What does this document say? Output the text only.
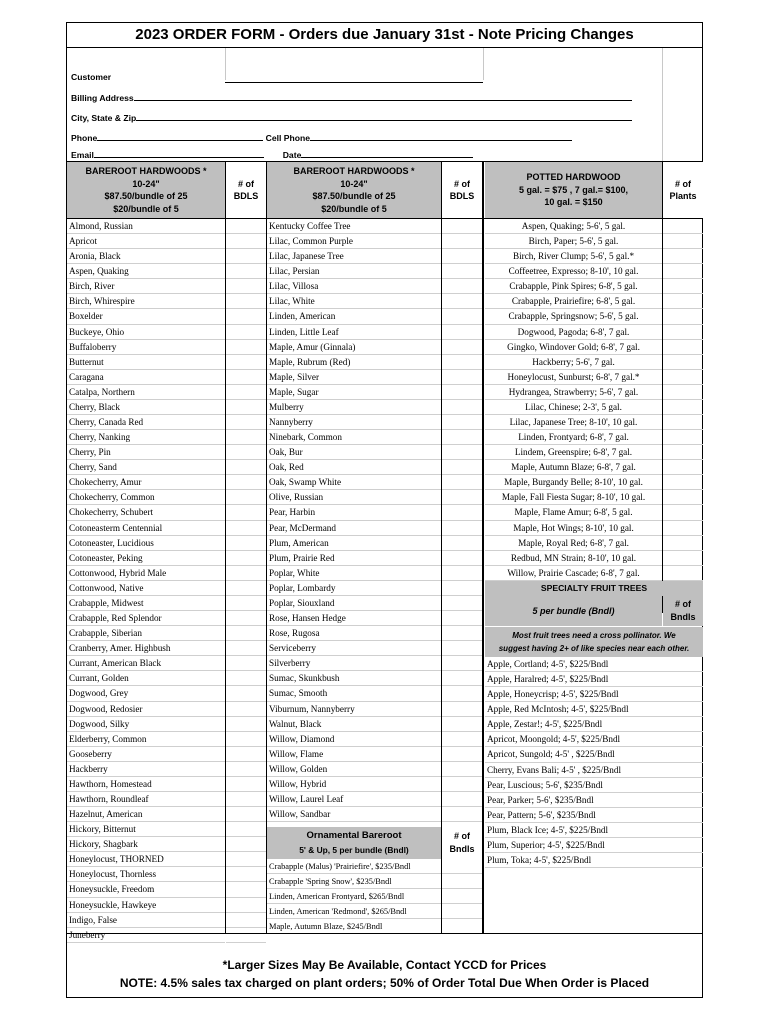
2023 ORDER FORM - Orders due January 31st - Note Pricing Changes
Customer
Billing Address
City, State & Zip
Phone	Cell Phone
Email	Date
BAREROOT HARDWOODS *
10-24"
$87.50/bundle of 25
$20/bundle of 5
# of
BDLS
BAREROOT HARDWOODS *
10-24"
$87.50/bundle of 25
$20/bundle of 5
# of
BDLS
POTTED HARDWOOD
5 gal. = $75 , 7 gal.= $100,
10 gal. = $150
# of
Plants
Almond, Russian
Apricot
Aronia, Black
Aspen, Quaking
Birch, River
Birch, Whirespire
Boxelder
Buckeye, Ohio
Buffaloberry
Butternut
Caragana
Catalpa, Northern
Cherry, Black
Cherry, Canada Red
Cherry, Nanking
Cherry, Pin
Cherry, Sand
Chokecherry, Amur
Chokecherry, Common
Chokecherry, Schubert
Cotoneasterm Centennial
Cotoneaster, Lucidious
Cotoneaster, Peking
Cottonwood, Hybrid Male
Cottonwood, Native
Crabapple, Midwest
Crabapple, Red Splendor
Crabapple, Siberian
Cranberry, Amer. Highbush
Currant, American Black
Currant, Golden
Dogwood, Grey
Dogwood, Redosier
Dogwood, Silky
Elderberry, Common
Gooseberry
Hackberry
Hawthorn, Homestead
Hawthorn, Roundleaf
Hazelnut, American
Hickory, Bitternut
Hickory, Shagbark
Honeylocust, THORNED
Honeylocust, Thornless
Honeysuckle, Freedom
Honeysuckle, Hawkeye
Indigo, False
Juneberry
Kentucky Coffee Tree
Lilac, Common Purple
Lilac, Japanese Tree
Lilac, Persian
Lilac, Villosa
Lilac, White
Linden, American
Linden, Little Leaf
Maple, Amur (Ginnala)
Maple, Rubrum (Red)
Maple, Silver
Maple, Sugar
Mulberry
Nannyberry
Ninebark, Common
Oak, Bur
Oak, Red
Oak, Swamp White
Olive, Russian
Pear, Harbin
Pear, McDermand
Plum, American
Plum, Prairie Red
Poplar, White
Poplar, Lombardy
Poplar, Siouxland
Rose, Hansen Hedge
Rose, Rugosa
Serviceberry
Silverberry
Sumac, Skunkbush
Sumac, Smooth
Viburnum, Nannyberry
Walnut, Black
Willow, Diamond
Willow, Flame
Willow, Golden
Willow, Hybrid
Willow, Laurel Leaf
Willow, Sandbar
Ornamental Bareroot
5' & Up, 5 per bundle (Bndl)
# of
Bndls
Crabapple (Malus) 'Prairiefire', $235/Bndl
Crabapple 'Spring Snow', $235/Bndl
Linden, American Frontyard, $265/Bndl
Linden, American 'Redmond', $265/Bndl
Maple, Autumn Blaze, $245/Bndl
Aspen, Quaking; 5-6', 5 gal.
Birch, Paper; 5-6', 5 gal.
Birch, River Clump; 5-6', 5 gal.*
Coffeetree, Expresso; 8-10', 10 gal.
Crabapple, Pink Spires; 6-8', 5 gal.
Crabapple, Prairiefire; 6-8', 5 gal.
Crabapple, Springsnow; 5-6', 5 gal.
Dogwood, Pagoda; 6-8', 7 gal.
Gingko, Windover Gold; 6-8', 7 gal.
Hackberry; 5-6', 7 gal.
Honeylocust, Sunburst; 6-8', 7 gal.*
Hydrangea, Strawberry; 5-6', 7 gal.
Lilac, Chinese; 2-3', 5 gal.
Lilac, Japanese Tree; 8-10', 10 gal.
Linden, Frontyard; 6-8', 7 gal.
Lindem, Greenspire; 6-8', 7 gal.
Maple, Autumn Blaze; 6-8', 7 gal.
Maple, Burgandy Belle; 8-10', 10 gal.
Maple, Fall Fiesta Sugar; 8-10', 10 gal.
Maple, Flame Amur; 6-8', 5 gal.
Maple, Hot Wings; 8-10', 10 gal.
Maple, Royal Red; 6-8', 7 gal.
Redbud, MN Strain; 8-10', 10 gal.
Willow, Prairie Cascade; 6-8', 7 gal.
SPECIALTY FRUIT TREES
5 per bundle (Bndl)
# of
Bndls
Most fruit trees need a cross pollinator. We
suggest having 2+ of like species near each other.
Apple, Cortland; 4-5', $225/Bndl
Apple, Haralred; 4-5', $225/Bndl
Apple, Honeycrisp; 4-5', $225/Bndl
Apple, Red McIntosh; 4-5', $225/Bndl
Apple, Zestar!; 4-5', $225/Bndl
Apricot, Moongold; 4-5', $225/Bndl
Apricot, Sungold; 4-5' , $225/Bndl
Cherry, Evans Bali; 4-5' , $225/Bndl
Pear, Luscious; 5-6', $235/Bndl
Pear, Parker; 5-6', $235/Bndl
Pear, Pattern; 5-6', $235/Bndl
Plum, Black Ice; 4-5', $225/Bndl
Plum, Superior; 4-5', $225/Bndl
Plum, Toka; 4-5', $225/Bndl
*Larger Sizes May Be Available, Contact YCCD for Prices
NOTE: 4.5% sales tax charged on plant orders; 50% of Order Total Due When Order is Placed
